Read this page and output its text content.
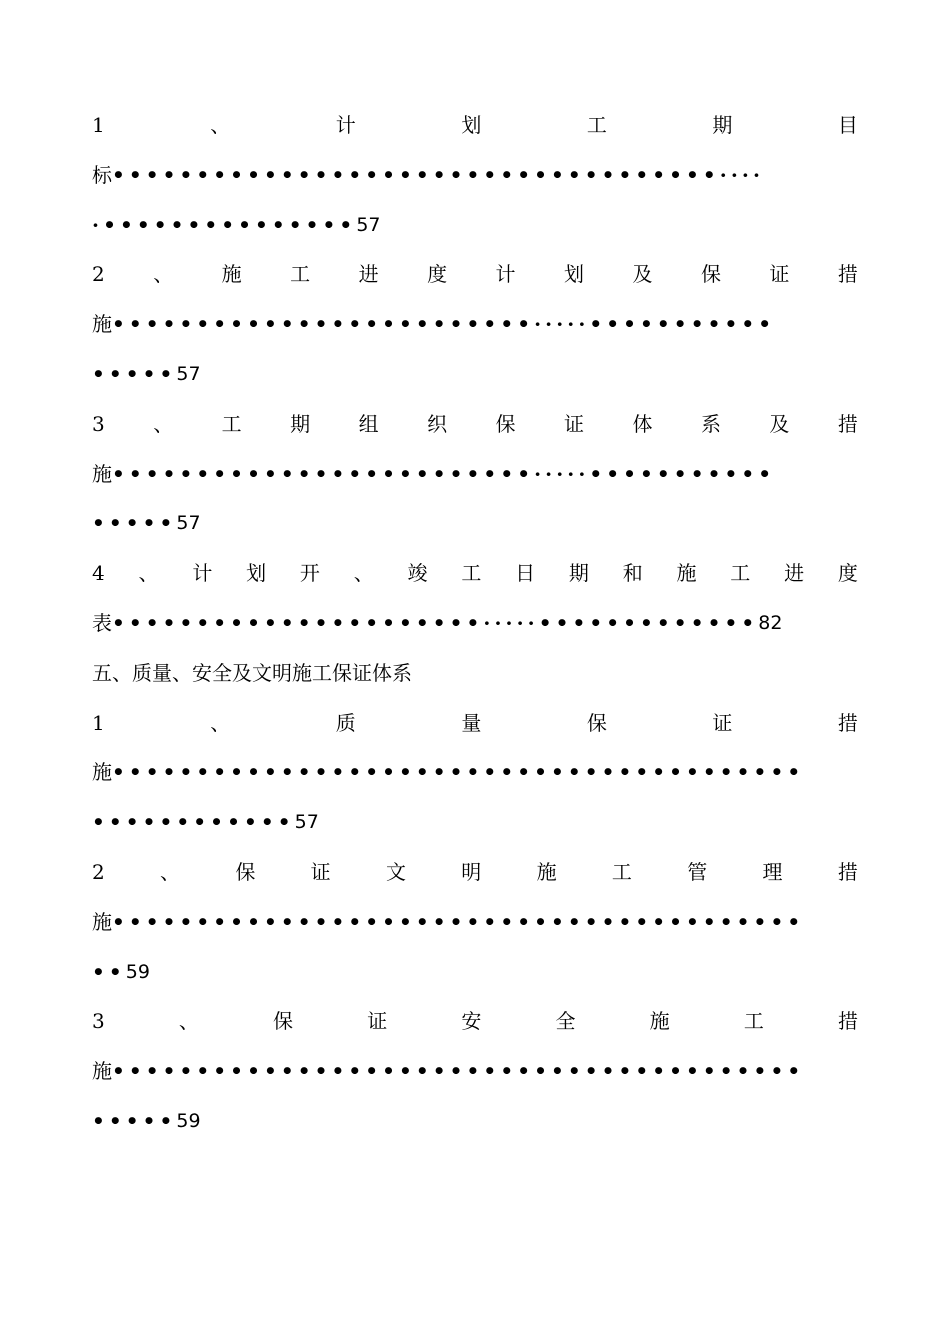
1	、	计	划	工	期	目
标 ••••••••••••••••••••••••••••••••••••····
·••••••••••••••• 57
2 、 施 工 进 度 计 划 及 保 证 措
施 •••••••••••••••••••••••••·····•••••••••••
••••• 57
3 、 工 期 组 织 保 证 体 系 及 措
施 •••••••••••••••••••••••••·····•••••••••••
••••• 57
4 、 计 划 开 、 竣 工 日 期 和 施 工 进 度
表 ••••••••••••••••••••••·····••••••••••••• 82
五、质量、安全及文明施工保证体系
1	、	质	量	保	证	措
施 •••••••••••••••••••••••••••••••••••••••••
•••••••••••• 57
2	、	保	证	文	明	施	工	管	理	措
施 •••••••••••••••••••••••••••••••••••••••••
•• 59
3	、	保	证	安	全	施	工	措
施 •••••••••••••••••••••••••••••••••••••••••
••••• 59
